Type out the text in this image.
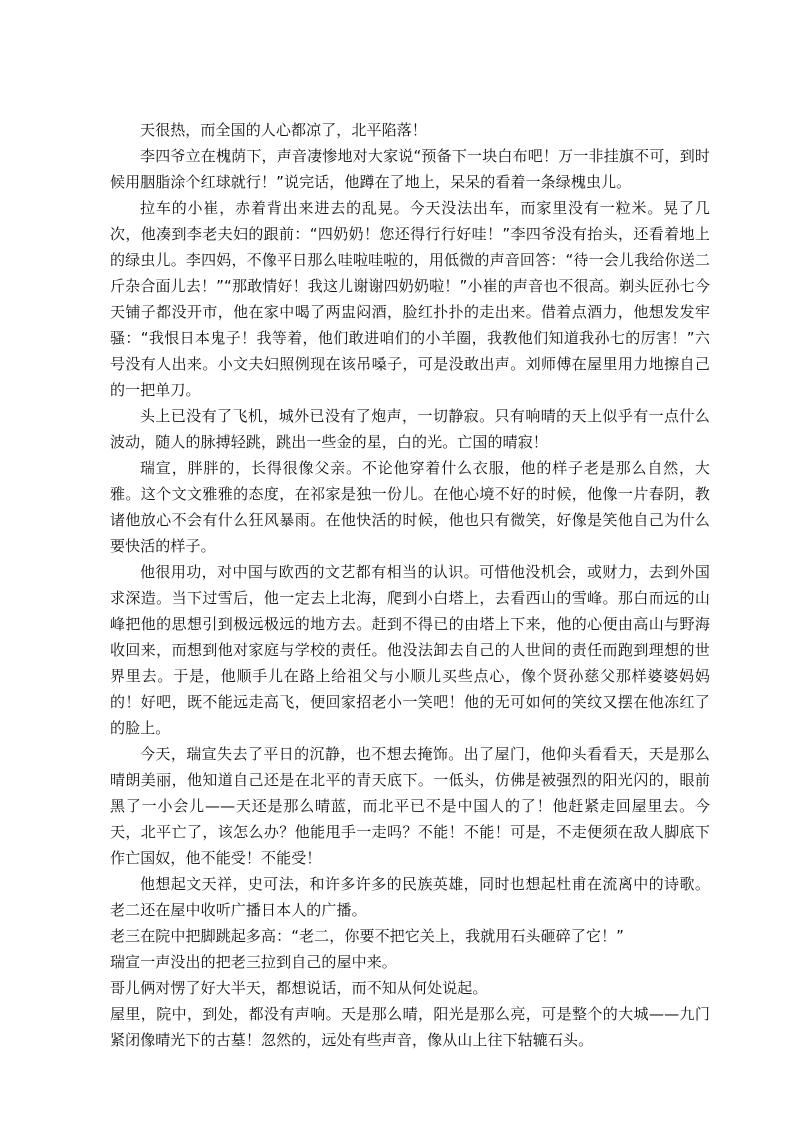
天很热，而全国的人心都凉了，北平陷落！

李四爷立在槐荫下，声音凄惨地对大家说“预备下一块白布吧！万一非挂旗不可，到时候用胭脂涂个红球就行！”说完话，他蹲在了地上，呆呆的看着一条绿槐虫儿。

拉车的小崔，赤着背出来进去的乱晃。今天没法出车，而家里没有一粒米。晃了几次，他凑到李老夫妇的跟前：“四奶奶！您还得行行好哇！”李四爷没有抬头，还看着地上的绿虫儿。李四妈，不像平日那么哇啦哇啦的，用低微的声音回答：“待一会儿我给你送二斤杂合面儿去！”“那敢情好！我这儿谢谢四奶奶啦！”小崔的声音也不很高。剃头匠孙七今天铺子都没开市，他在家中喝了两盅闷酒，脸红扑扑的走出来。借着点酒力，他想发发牢骚：“我恨日本鬼子！我等着，他们敢进咱们的小羊圈，我教他们知道我孙七的厉害！”六号没有人出来。小文夫妇照例现在该吊嗓子，可是没敢出声。刘师傅在屋里用力地擦自己的一把单刀。

头上已没有了飞机，城外已没有了炮声，一切静寂。只有响晴的天上似乎有一点什么波动，随人的脉搏轻跳，跳出一些金的星，白的光。亡国的晴寂！

瑞宣，胖胖的，长得很像父亲。不论他穿着什么衣服，他的样子老是那么自然，大雅。这个文文雅雅的态度，在祁家是独一份儿。在他心境不好的时候，他像一片春阴，教诸他放心不会有什么狂风暴雨。在他快活的时候，他也只有微笑，好像是笑他自己为什么要快活的样子。

他很用功，对中国与欧西的文艺都有相当的认识。可惜他没机会，或财力，去到外国求深造。当下过雪后，他一定去上北海，爬到小白塔上，去看西山的雪峰。那白而远的山峰把他的思想引到极远极远的地方去。赶到不得已的由塔上下来，他的心便由高山与野海收回来，而想到他对家庭与学校的责任。他没法卸去自己的人世间的责任而跑到理想的世界里去。于是，他顺手儿在路上给祖父与小顺儿买些点心，像个贤孙慈父那样婆婆妈妈的！好吧，既不能远走高飞，便回家招老小一笑吧！他的无可如何的笑纹又摆在他冻红了的脸上。

今天，瑞宣失去了平日的沉静，也不想去掩饰。出了屋门，他仰头看看天，天是那么晴朗美丽，他知道自己还是在北平的青天底下。一低头，仿佛是被强烈的阳光闪的，眼前黑了一小会儿——天还是那么晴蓝，而北平已不是中国人的了！他赶紧走回屋里去。今天，北平亡了，该怎么办？他能甩手一走吗？不能！不能！可是，不走便须在敌人脚底下作亡国奴，他不能受！不能受！

他想起文天祥，史可法，和许多许多的民族英雄，同时也想起杜甫在流离中的诗歌。老二还在屋中收听广播日本人的广播。

老三在院中把脚跳起多高：“老二，你要不把它关上，我就用石头砸碎了它！”

瑞宣一声没出的把老三拉到自己的屋中来。

哥儿俩对愣了好大半天，都想说话，而不知从何处说起。

屋里，院中，到处，都没有声响。天是那么晴，阳光是那么亮，可是整个的大城——九门紧闭像晴光下的古墓！忽然的，远处有些声音，像从山上往下轱辘石头。
